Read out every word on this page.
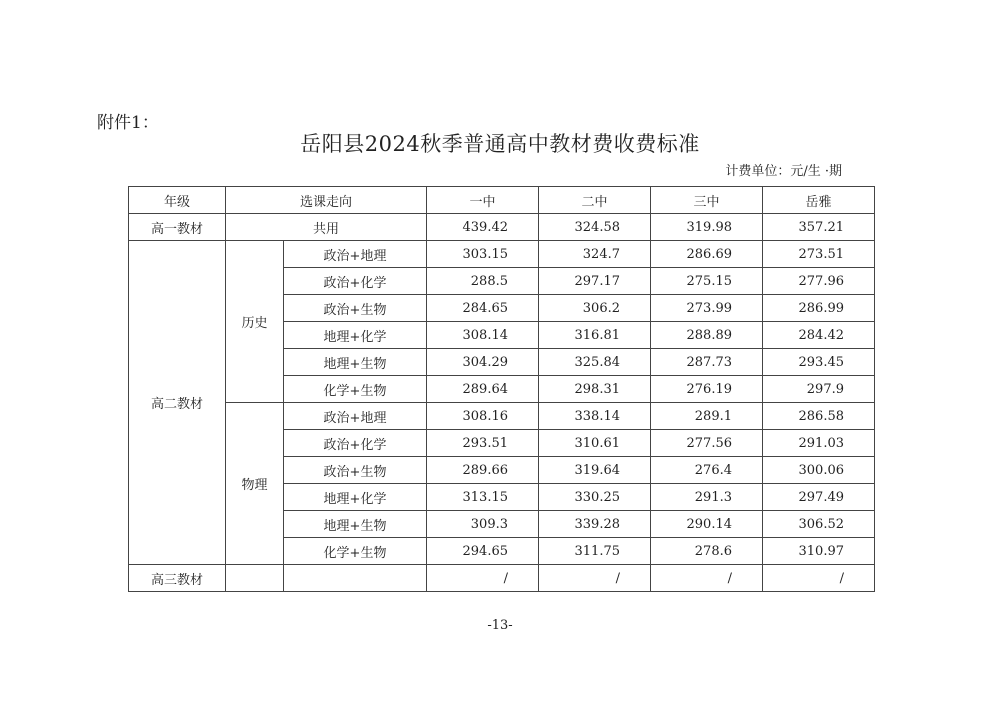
附件1：
岳阳县2024秋季普通高中教材费收费标准
计费单位：元/生 ·期
年级	选课走向		一中	二中	三中	岳雅
高一教材	共用		439.42	324.58	319.98	357.21
高二教材	历史	政治+地理	303.15	324.7	286.69	273.51
		政治+化学	288.5	297.17	275.15	277.96
		政治+生物	284.65	306.2	273.99	286.99
		地理+化学	308.14	316.81	288.89	284.42
		地理+生物	304.29	325.84	287.73	293.45
		化学+生物	289.64	298.31	276.19	297.9
	物理	政治+地理	308.16	338.14	289.1	286.58
		政治+化学	293.51	310.61	277.56	291.03
		政治+生物	289.66	319.64	276.4	300.06
		地理+化学	313.15	330.25	291.3	297.49
		地理+生物	309.3	339.28	290.14	306.52
		化学+生物	294.65	311.75	278.6	310.97
高三教材			/	/	/	/
-13-
